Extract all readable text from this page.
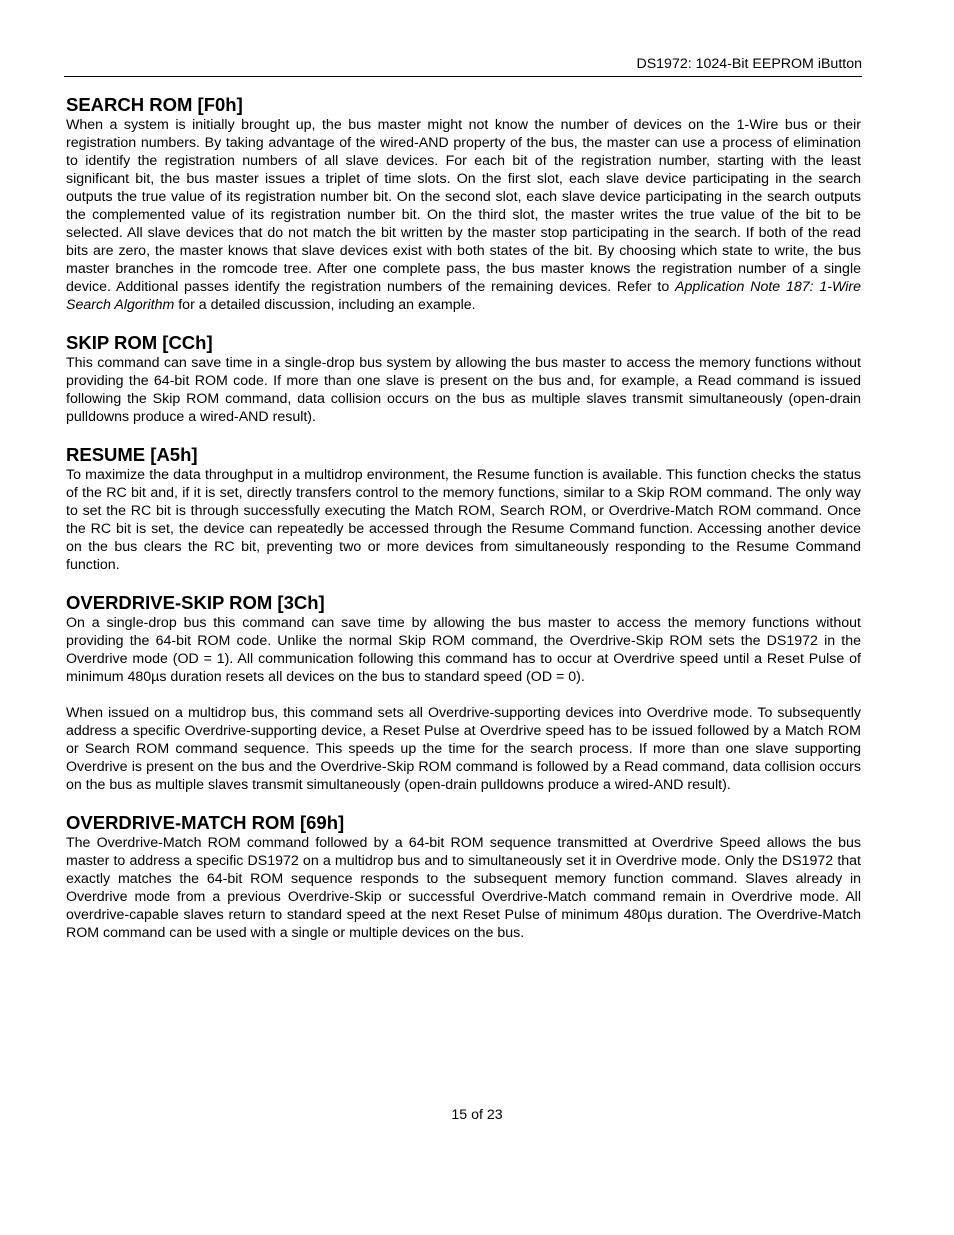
DS1972: 1024-Bit EEPROM iButton
SEARCH ROM [F0h]

When a system is initially brought up, the bus master might not know the number of devices on the 1-Wire bus or their registration numbers. By taking advantage of the wired-AND property of the bus, the master can use a process of elimination to identify the registration numbers of all slave devices. For each bit of the registration number, starting with the least significant bit, the bus master issues a triplet of time slots. On the first slot, each slave device participating in the search outputs the true value of its registration number bit. On the second slot, each slave device participating in the search outputs the complemented value of its registration number bit. On the third slot, the master writes the true value of the bit to be selected. All slave devices that do not match the bit written by the master stop participating in the search. If both of the read bits are zero, the master knows that slave devices exist with both states of the bit. By choosing which state to write, the bus master branches in the romcode tree. After one complete pass, the bus master knows the registration number of a single device. Additional passes identify the registration numbers of the remaining devices. Refer to Application Note 187: 1-Wire Search Algorithm for a detailed discussion, including an example.

SKIP ROM [CCh]

This command can save time in a single-drop bus system by allowing the bus master to access the memory functions without providing the 64-bit ROM code. If more than one slave is present on the bus and, for example, a Read command is issued following the Skip ROM command, data collision occurs on the bus as multiple slaves transmit simultaneously (open-drain pulldowns produce a wired-AND result).

RESUME [A5h]

To maximize the data throughput in a multidrop environment, the Resume function is available. This function checks the status of the RC bit and, if it is set, directly transfers control to the memory functions, similar to a Skip ROM command. The only way to set the RC bit is through successfully executing the Match ROM, Search ROM, or Overdrive-Match ROM command. Once the RC bit is set, the device can repeatedly be accessed through the Resume Command function. Accessing another device on the bus clears the RC bit, preventing two or more devices from simultaneously responding to the Resume Command function.

OVERDRIVE-SKIP ROM [3Ch]

On a single-drop bus this command can save time by allowing the bus master to access the memory functions without providing the 64-bit ROM code. Unlike the normal Skip ROM command, the Overdrive-Skip ROM sets the DS1972 in the Overdrive mode (OD = 1). All communication following this command has to occur at Overdrive speed until a Reset Pulse of minimum 480µs duration resets all devices on the bus to standard speed (OD = 0).

When issued on a multidrop bus, this command sets all Overdrive-supporting devices into Overdrive mode. To subsequently address a specific Overdrive-supporting device, a Reset Pulse at Overdrive speed has to be issued followed by a Match ROM or Search ROM command sequence. This speeds up the time for the search process. If more than one slave supporting Overdrive is present on the bus and the Overdrive-Skip ROM command is followed by a Read command, data collision occurs on the bus as multiple slaves transmit simultaneously (open-drain pulldowns produce a wired-AND result).

OVERDRIVE-MATCH ROM [69h]

The Overdrive-Match ROM command followed by a 64-bit ROM sequence transmitted at Overdrive Speed allows the bus master to address a specific DS1972 on a multidrop bus and to simultaneously set it in Overdrive mode. Only the DS1972 that exactly matches the 64-bit ROM sequence responds to the subsequent memory function command. Slaves already in Overdrive mode from a previous Overdrive-Skip or successful Overdrive-Match command remain in Overdrive mode. All overdrive-capable slaves return to standard speed at the next Reset Pulse of minimum 480µs duration. The Overdrive-Match ROM command can be used with a single or multiple devices on the bus.

15 of 23
